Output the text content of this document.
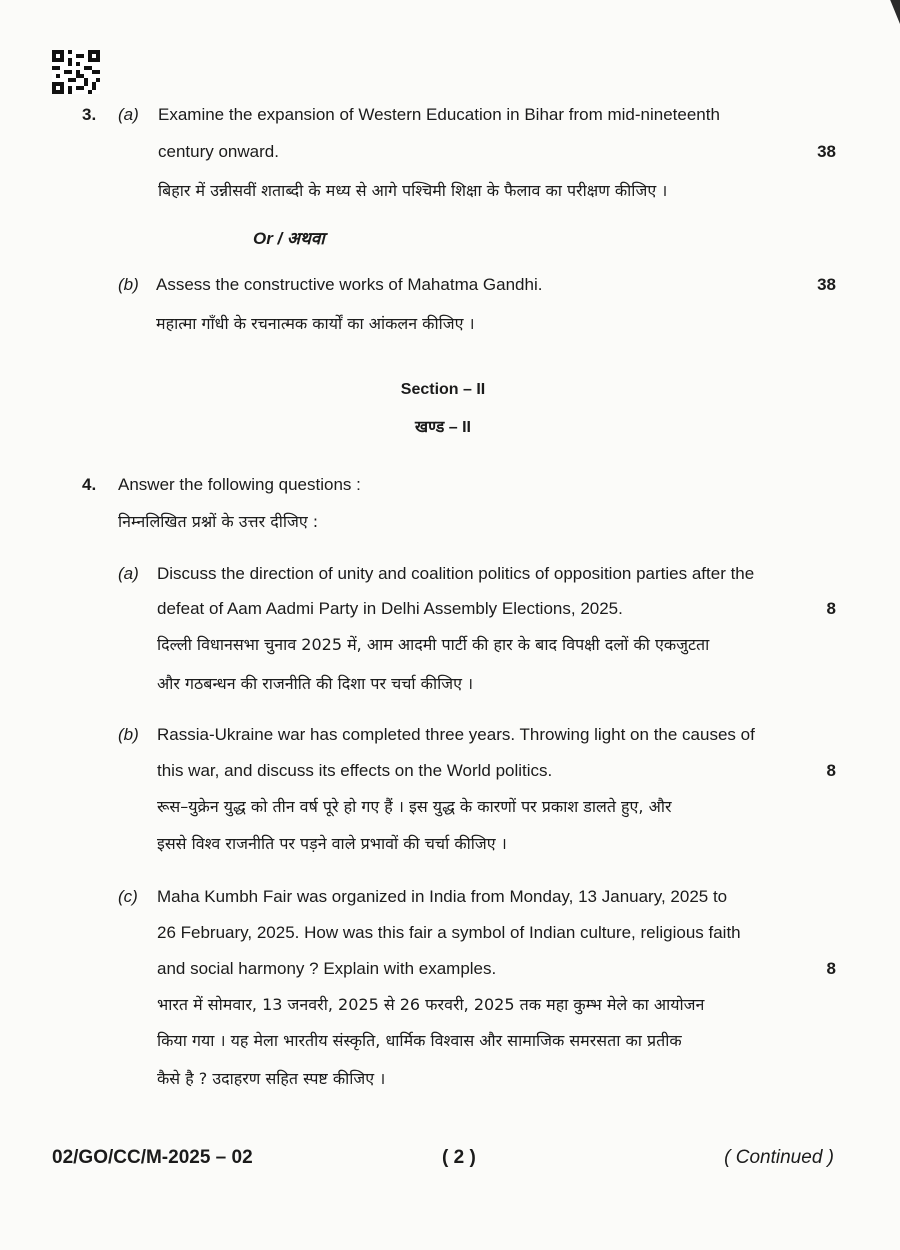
3. (a) Examine the expansion of Western Education in Bihar from mid-nineteenth
century onward.	38
बिहार में उन्नीसवीं शताब्दी के मध्य से आगे पश्चिमी शिक्षा के फैलाव का परीक्षण कीजिए ।
Or / अथवा
(b) Assess the constructive works of Mahatma Gandhi.	38
महात्मा गाँधी के रचनात्मक कार्यों का आंकलन कीजिए ।
Section – II
खण्ड – II
4. Answer the following questions :
निम्नलिखित प्रश्नों के उत्तर दीजिए :
(a) Discuss the direction of unity and coalition politics of opposition parties after the
defeat of Aam Aadmi Party in Delhi Assembly Elections, 2025.	8
दिल्ली विधानसभा चुनाव 2025 में, आम आदमी पार्टी की हार के बाद विपक्षी दलों की एकजुटता
और गठबन्धन की राजनीति की दिशा पर चर्चा कीजिए ।
(b) Rassia-Ukraine war has completed three years. Throwing light on the causes of
this war, and discuss its effects on the World politics.	8
रूस–युक्रेन युद्ध को तीन वर्ष पूरे हो गए हैं । इस युद्ध के कारणों पर प्रकाश डालते हुए, और
इससे विश्व राजनीति पर पड़ने वाले प्रभावों की चर्चा कीजिए ।
(c) Maha Kumbh Fair was organized in India from Monday, 13 January, 2025 to
26 February, 2025. How was this fair a symbol of Indian culture, religious faith
and social harmony ? Explain with examples.	8
भारत में सोमवार, 13 जनवरी, 2025 से 26 फरवरी, 2025 तक महा कुम्भ मेले का आयोजन
किया गया । यह मेला भारतीय संस्कृति, धार्मिक विश्वास और सामाजिक समरसता का प्रतीक
कैसे है ? उदाहरण सहित स्पष्ट कीजिए ।
02/GO/CC/M-2025 – 02	( 2 )	( Continued )
